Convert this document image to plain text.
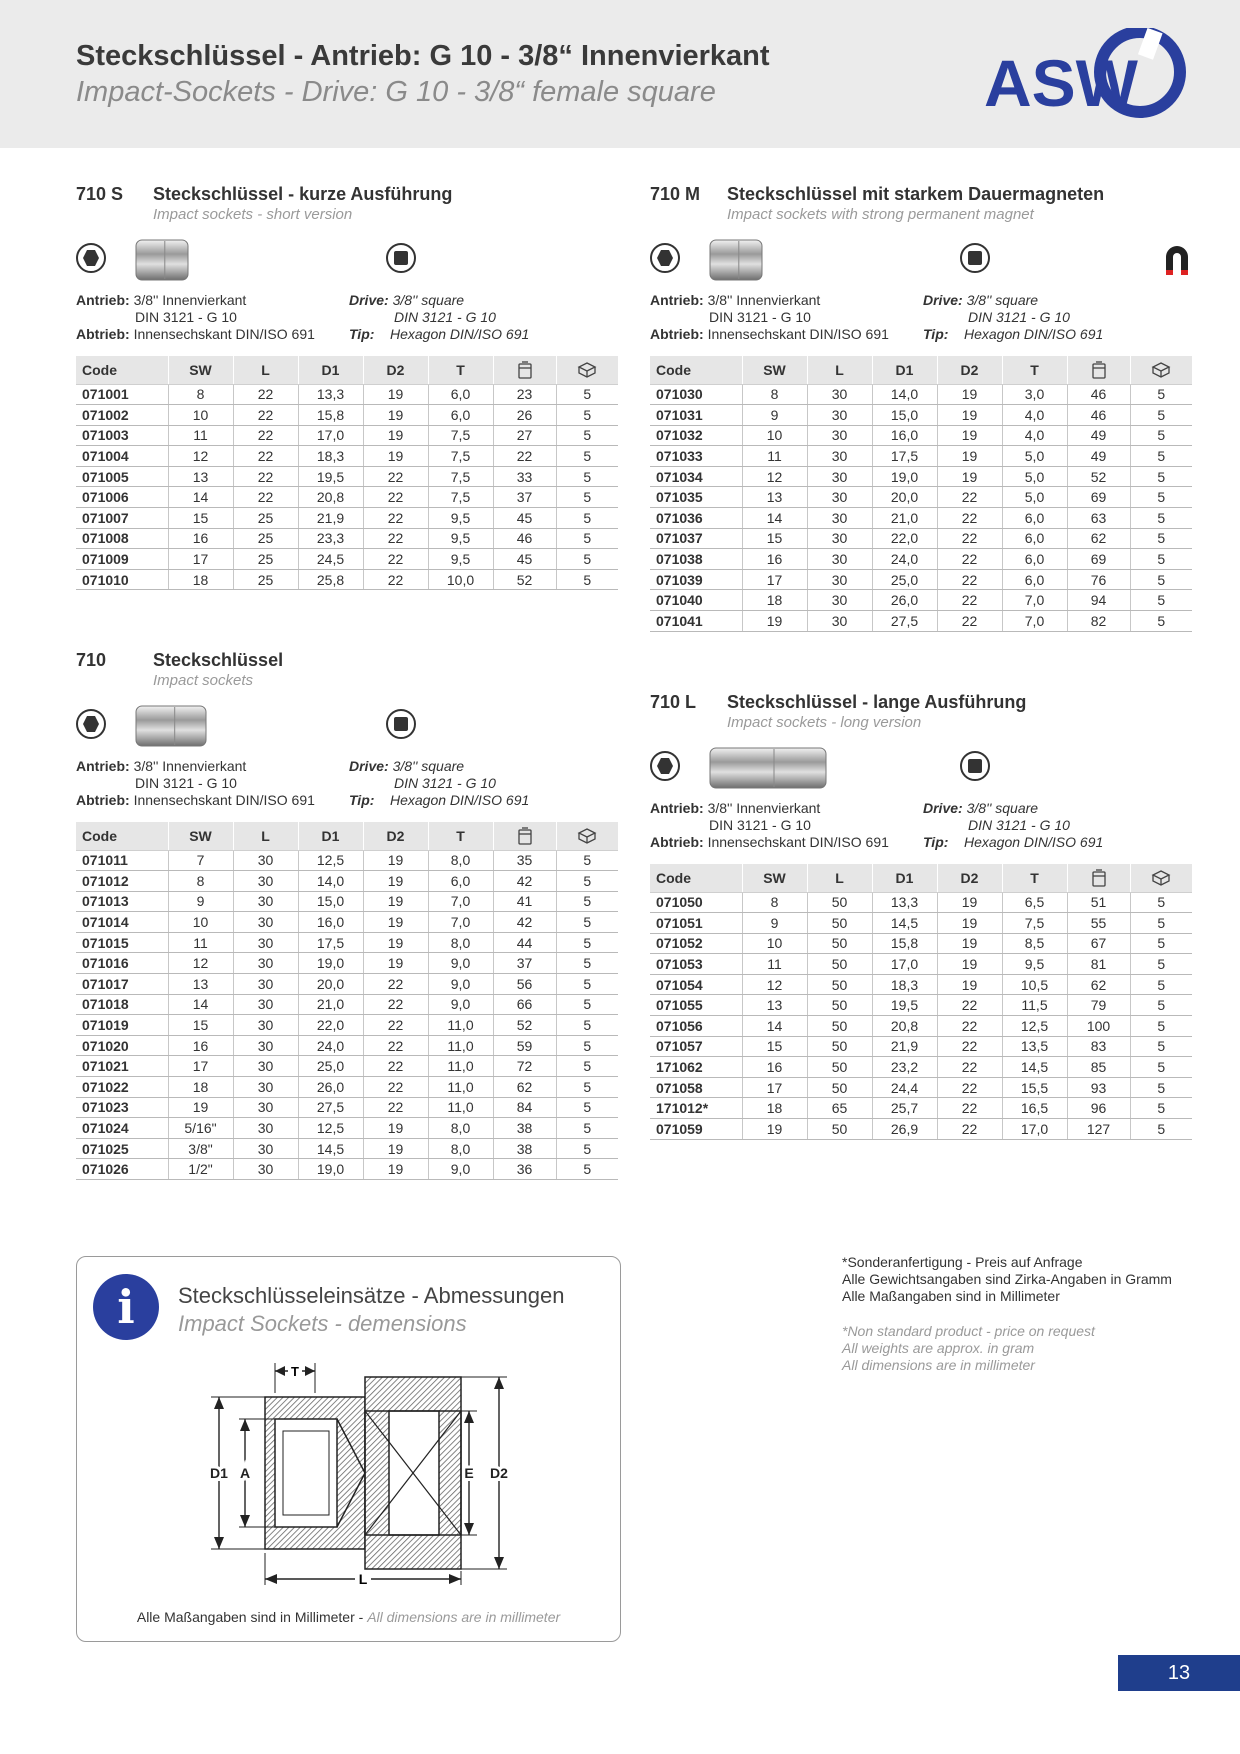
Steckschlüssel - Antrieb: G 10 - 3/8“ Innenvierkant
Impact-Sockets - Drive: G 10 - 3/8“ female square	ASW
710 S Steckschlüssel - kurze Ausführung
Impact sockets - short version
Antrieb: 3/8'' Innenvierkant
DIN 3121 - G 10
Abtrieb: Innensechskant DIN/ISO 691
Drive: 3/8'' square
DIN 3121 - G 10
Tip: Hexagon DIN/ISO 691
Code	SW	L	D1	D2	T		
071001	8	22	13,3	19	6,0	23	5
071002	10	22	15,8	19	6,0	26	5
071003	11	22	17,0	19	7,5	27	5
071004	12	22	18,3	19	7,5	22	5
071005	13	22	19,5	22	7,5	33	5
071006	14	22	20,8	22	7,5	37	5
071007	15	25	21,9	22	9,5	45	5
071008	16	25	23,3	22	9,5	46	5
071009	17	25	24,5	22	9,5	45	5
071010	18	25	25,8	22	10,0	52	5
710	Steckschlüssel
Impact sockets
Antrieb: 3/8'' Innenvierkant
DIN 3121 - G 10
Abtrieb: Innensechskant DIN/ISO 691
Drive: 3/8'' square
DIN 3121 - G 10
Tip: Hexagon DIN/ISO 691
Code	SW	L	D1	D2	T		
071011	7	30	12,5	19	8,0	35	5
071012	8	30	14,0	19	6,0	42	5
071013	9	30	15,0	19	7,0	41	5
071014	10	30	16,0	19	7,0	42	5
071015	11	30	17,5	19	8,0	44	5
071016	12	30	19,0	19	9,0	37	5
071017	13	30	20,0	22	9,0	56	5
071018	14	30	21,0	22	9,0	66	5
071019	15	30	22,0	22	11,0	52	5
071020	16	30	24,0	22	11,0	59	5
071021	17	30	25,0	22	11,0	72	5
071022	18	30	26,0	22	11,0	62	5
071023	19	30	27,5	22	11,0	84	5
071024	5/16"	30	12,5	19	8,0	38	5
071025	3/8"	30	14,5	19	8,0	38	5
071026	1/2"	30	19,0	19	9,0	36	5
710 M Steckschlüssel mit starkem Dauermagneten
Impact sockets with strong permanent magnet
Antrieb: 3/8'' Innenvierkant
DIN 3121 - G 10
Abtrieb: Innensechskant DIN/ISO 691
Drive: 3/8'' square
DIN 3121 - G 10
Tip: Hexagon DIN/ISO 691
Code	SW	L	D1	D2	T		
071030	8	30	14,0	19	3,0	46	5
071031	9	30	15,0	19	4,0	46	5
071032	10	30	16,0	19	4,0	49	5
071033	11	30	17,5	19	5,0	49	5
071034	12	30	19,0	19	5,0	52	5
071035	13	30	20,0	22	5,0	69	5
071036	14	30	21,0	22	6,0	63	5
071037	15	30	22,0	22	6,0	62	5
071038	16	30	24,0	22	6,0	69	5
071039	17	30	25,0	22	6,0	76	5
071040	18	30	26,0	22	7,0	94	5
071041	19	30	27,5	22	7,0	82	5
710 L Steckschlüssel - lange Ausführung
Impact sockets - long version
Antrieb: 3/8'' Innenvierkant
DIN 3121 - G 10
Abtrieb: Innensechskant DIN/ISO 691
Drive: 3/8'' square
DIN 3121 - G 10
Tip: Hexagon DIN/ISO 691
Code	SW	L	D1	D2	T		
071050	8	50	13,3	19	6,5	51	5
071051	9	50	14,5	19	7,5	55	5
071052	10	50	15,8	19	8,5	67	5
071053	11	50	17,0	19	9,5	81	5
071054	12	50	18,3	19	10,5	62	5
071055	13	50	19,5	22	11,5	79	5
071056	14	50	20,8	22	12,5	100	5
071057	15	50	21,9	22	13,5	83	5
171062	16	50	23,2	22	14,5	85	5
071058	17	50	24,4	22	15,5	93	5
171012*	18	65	25,7	22	16,5	96	5
071059	19	50	26,9	22	17,0	127	5
i	Steckschlüsseleinsätze - Abmessungen
Impact Sockets - demensions
T
D1 A	E D2
L
Alle Maßangaben sind in Millimeter - All dimensions are in millimeter
*Sonderanfertigung - Preis auf Anfrage
Alle Gewichtsangaben sind Zirka-Angaben in Gramm
Alle Maßangaben sind in Millimeter
*Non standard product - price on request
All weights are approx. in gram
All dimensions are in millimeter
13
